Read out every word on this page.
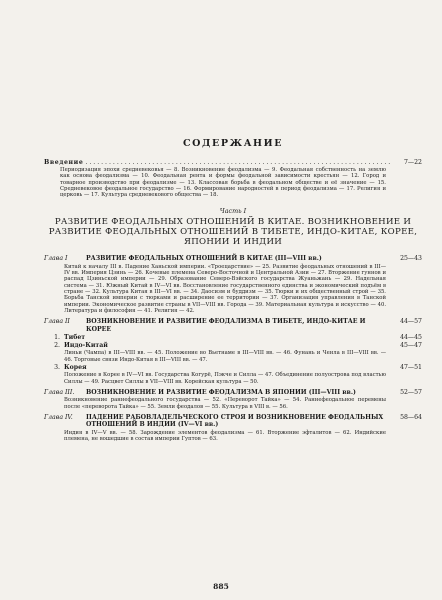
СОДЕРЖАНИЕ
Введение
. . .	7—22
Периодизация эпохи средневековья — 8. Возникновение феодализма — 9. Феодальная собственность на землю как основа феодализма — 10. Феодальная рента и формы феодальной зависимости крестьян — 12. Город и товарное производство при феодализме — 13. Классовая борьба в феодальном обществе и её значение — 15. Средневековое феодальное государство — 16. Формирование народностей в период феодализма — 17. Религия и церковь — 17. Культура средневекового общества — 18.
Часть I
РАЗВИТИЕ ФЕОДАЛЬНЫХ ОТНОШЕНИЙ В КИТАЕ. ВОЗНИКНОВЕНИЕ И РАЗВИТИЕ ФЕОДАЛЬНЫХ ОТНОШЕНИЙ В ТИБЕТЕ, ИНДО-КИТАЕ, КОРЕЕ, ЯПОНИИ И ИНДИИ
Глава I	РАЗВИТИЕ ФЕОДАЛЬНЫХ ОТНОШЕНИЙ В КИТАЕ (III—VIII вв.)	25—43
Китай к началу III в. Падение Ханьской империи. «Троецарствие» — 25. Развитие феодальных отношений в III—IV вв. Империя Цзинь — 26. Кочевые племена Северо-Восточной и Центральной Азии — 27. Вторжение гуннов и распад Цзиньской империи — 29. Образование Северо-Вэйского государства Жуаньжань — 29. Надельная система — 31. Южный Китай в IV—VI вв. Восстановление государственного единства и экономический подъём в стране — 32. Культура Китая в III—VI вв. — 34. Даосизм и буддизм — 35. Тюрки и их общественный строй — 35. Борьба Танской империи с тюрками и расширение ее территории — 37. Организация управления в Танской империи. Экономическое развитие страны в VII—VIII вв. Города — 39. Материальная культура и искусство — 40. Литература и философия — 41. Религия — 42.
Глава II	ВОЗНИКНОВЕНИЕ И РАЗВИТИЕ ФЕОДАЛИЗМА В ТИБЕТЕ, ИНДО-КИТАЕ И КОРЕЕ
44—57
1. Тибет	44—45
2. Индо-Китай	45—47
Линьи (Чампа) в III—VIII вв. — 45. Положение во Вьетнаме в III—VIII вв. — 46. Фунань и Ченла в III—VIII вв. — 46. Торговые связи Индо-Китая в III—VIII вв. — 47.
3. Корея	47—51
Положение в Корее в IV—VI вв. Государства Когурё, Пэкче и Силла — 47. Объединение полуострова под властью Силлы — 49. Расцвет Силлы в VII—VIII вв. Корейская культура — 50.
Глава III.	ВОЗНИКНОВЕНИЕ И РАЗВИТИЕ ФЕОДАЛИЗМА В ЯПОНИИ (III—VIII вв.)	52—57
Возникновение раннефеодального государства — 52. «Переворот Тайка» — 54. Раннефеодальное перемены после «переворота Тайка» — 55. Земли феодалов — 55. Культура в VIII в. — 56.
Глава IV.	ПАДЕНИЕ РАБОВЛАДЕЛЬЧЕСКОГО СТРОЯ И ВОЗНИКНОВЕНИЕ ФЕОДАЛЬНЫХ ОТНОШЕНИЙ В ИНДИИ (IV—VI вв.)
58—64
Индия в IV—V вв. — 58. Зарождение элементов феодализма — 61. Вторжение эфталитов — 62. Индийские племена, не вошедшие в состав империи Гуптов — 63.
885
